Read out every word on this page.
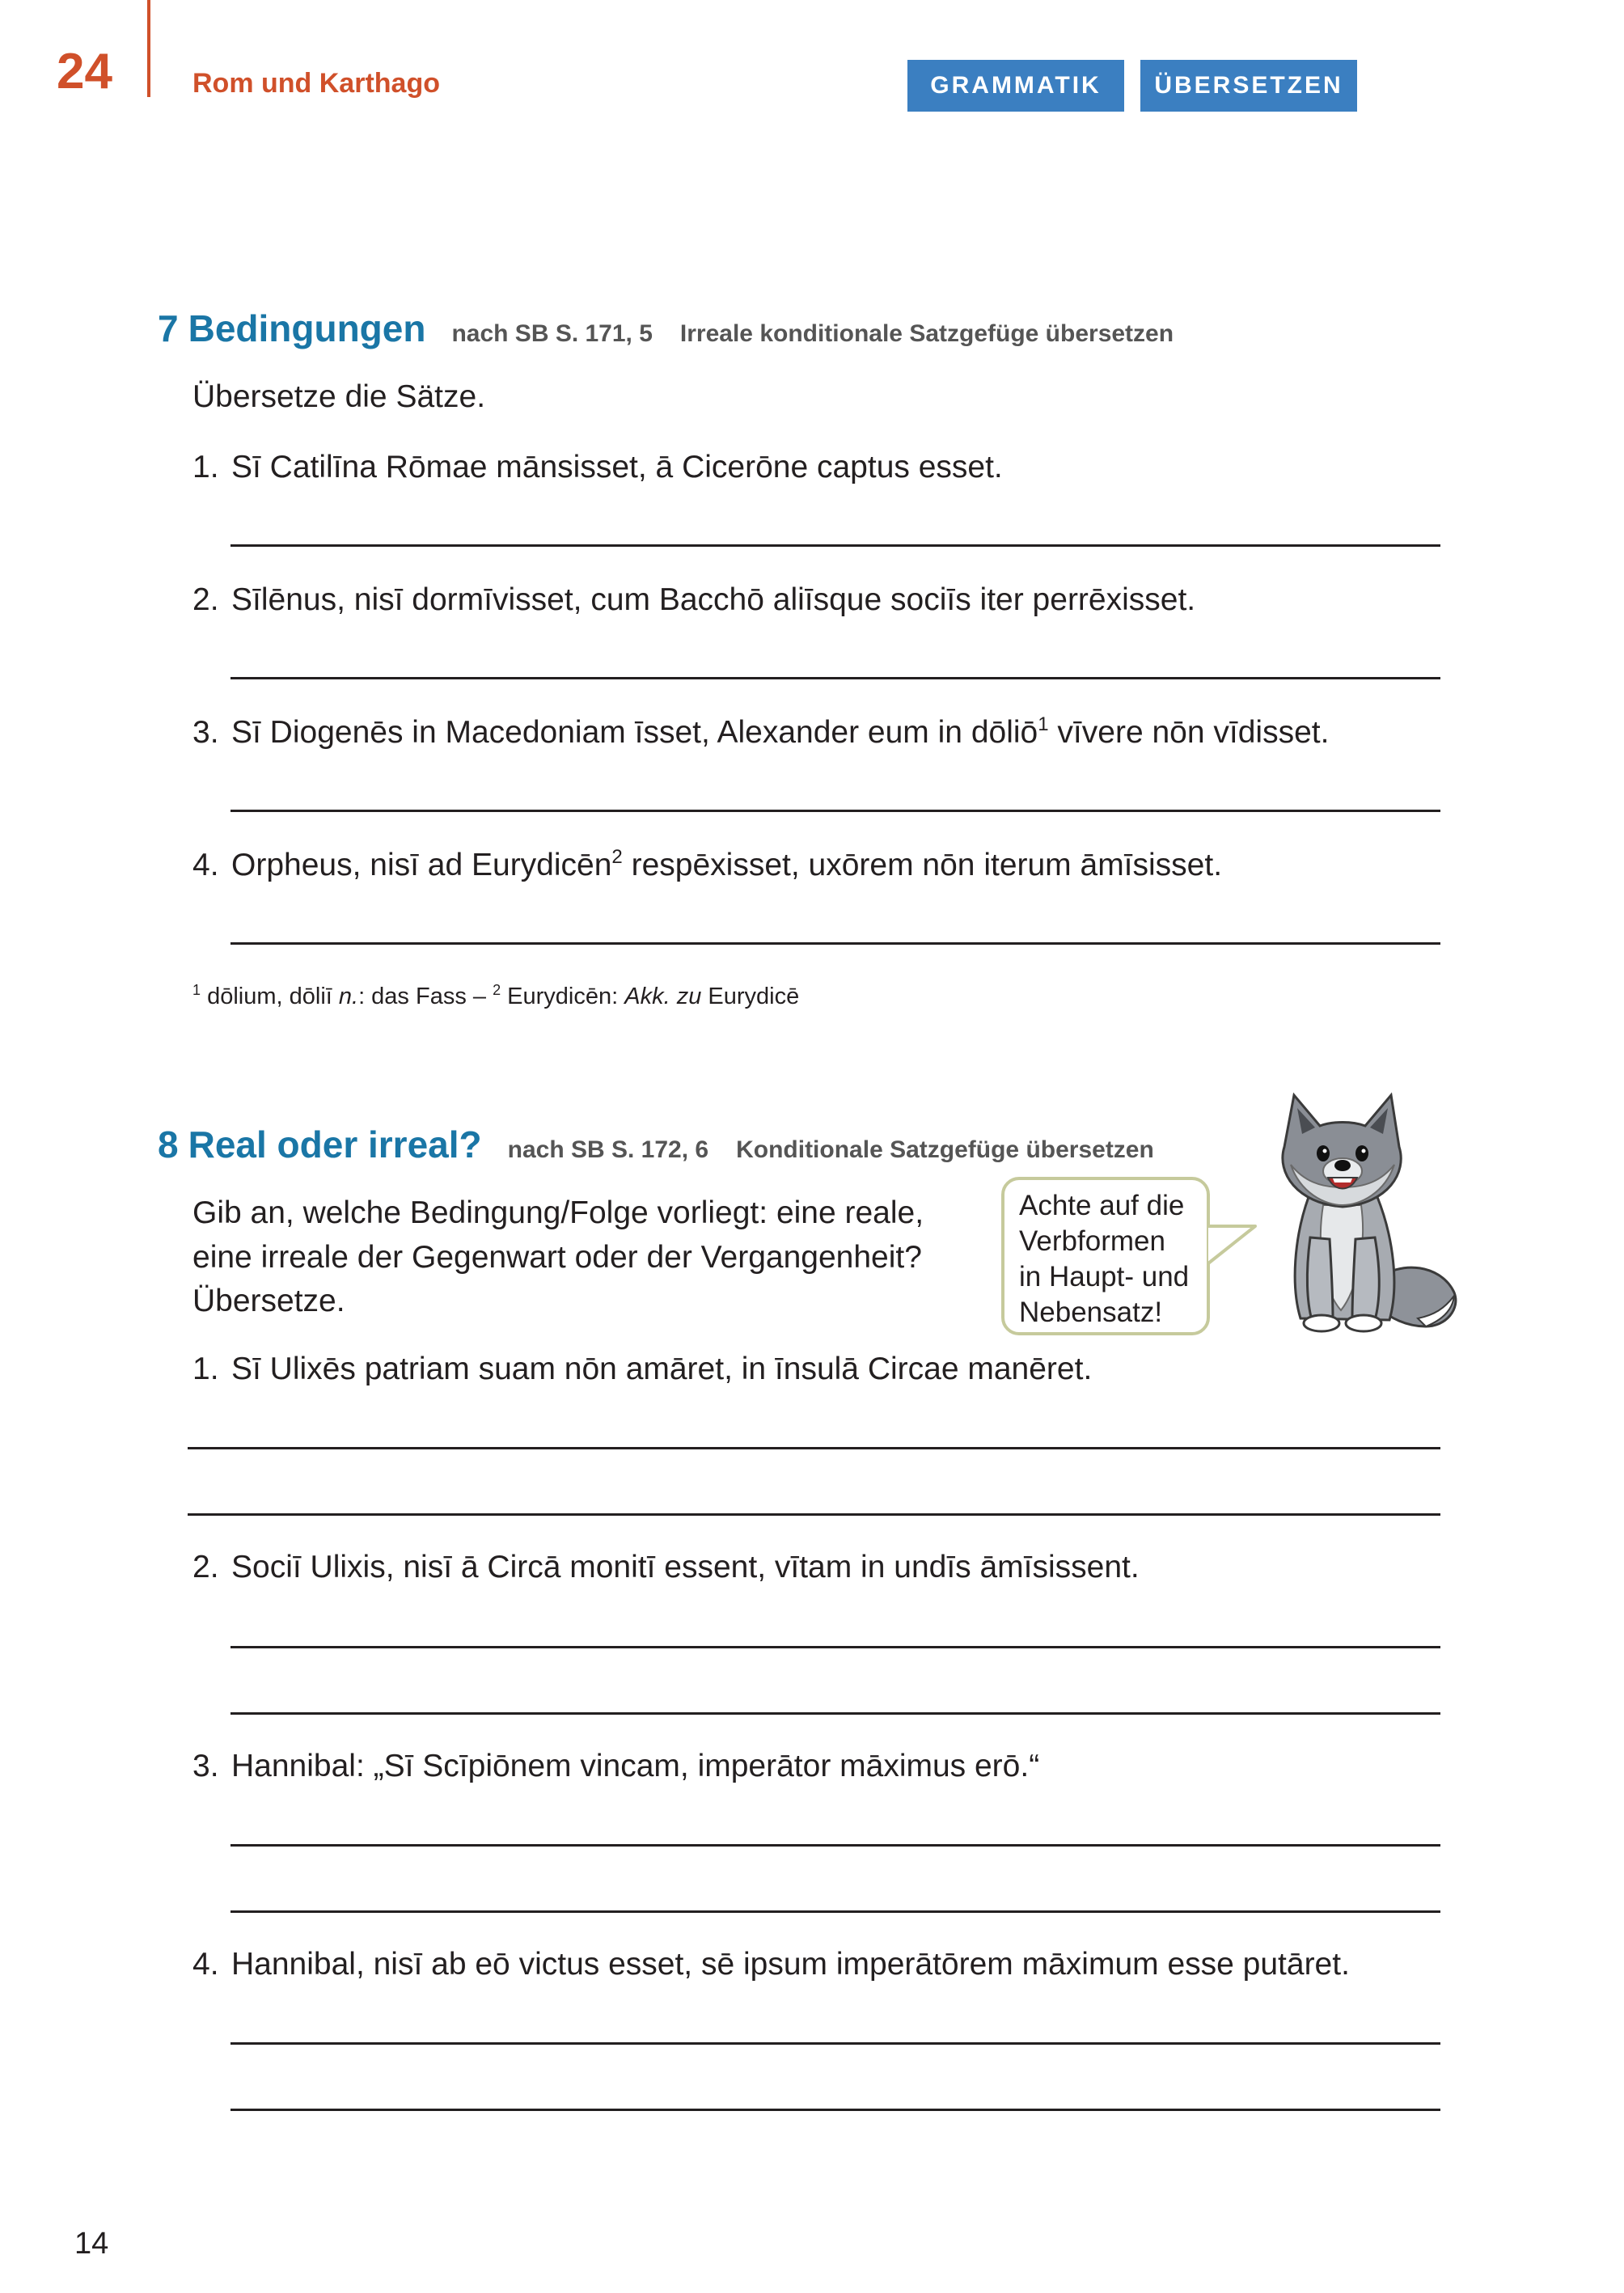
24	Rom und Karthago	GRAMMATIK	ÜBERSETZEN
7 Bedingungen nach SB S. 171, 5 Irreale konditionale Satzgefüge übersetzen
Übersetze die Sätze.
1. Sī Catilīna Rōmae mānsisset, ā Cicerōne captus esset.
2. Sīlēnus, nisī dormīvisset, cum Bacchō aliīsque sociīs iter perrēxisset.
3. Sī Diogenēs in Macedoniam īsset, Alexander eum in dōliō$^1$ vīvere nōn vīdisset.
4. Orpheus, nisī ad Eurydicēn$^2$ respēxisset, uxōrem nōn iterum āmīsisset.
$^1$ dōlium, dōliī n.: das Fass – $^2$ Eurydicēn: Akk. zu Eurydicē
8 Real oder irreal? nach SB S. 172, 6 Konditionale Satzgefüge übersetzen
Gib an, welche Bedingung/Folge vorliegt: eine reale,
eine irreale der Gegenwart oder der Vergangenheit?
Übersetze.
Achte auf die
Verbformen
in Haupt- und
Nebensatz!
1. Sī Ulixēs patriam suam nōn amāret, in īnsulā Circae manēret.
2. Sociī Ulixis, nisī ā Circā monitī essent, vītam in undīs āmīsissent.
3. Hannibal: „Sī Scīpiōnem vincam, imperātor māximus erō.“
4. Hannibal, nisī ab eō victus esset, sē ipsum imperātōrem māximum esse putāret.
14
